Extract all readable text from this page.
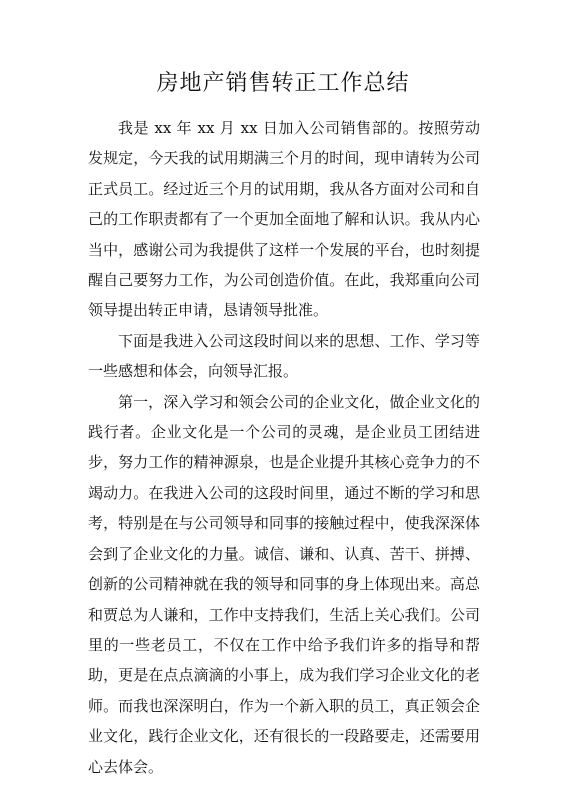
房地产销售转正工作总结

我是 xx 年 xx 月 xx 日加入公司销售部的。按照劳动发规定，今天我的试用期满三个月的时间，现申请转为公司正式员工。经过近三个月的试用期，我从各方面对公司和自己的工作职责都有了一个更加全面地了解和认识。我从内心当中，感谢公司为我提供了这样一个发展的平台，也时刻提醒自己要努力工作，为公司创造价值。在此，我郑重向公司领导提出转正申请，恳请领导批准。

下面是我进入公司这段时间以来的思想、工作、学习等一些感想和体会，向领导汇报。

第一，深入学习和领会公司的企业文化，做企业文化的践行者。企业文化是一个公司的灵魂，是企业员工团结进步，努力工作的精神源泉，也是企业提升其核心竞争力的不竭动力。在我进入公司的这段时间里，通过不断的学习和思考，特别是在与公司领导和同事的接触过程中，使我深深体会到了企业文化的力量。诚信、谦和、认真、苦干、拼搏、创新的公司精神就在我的领导和同事的身上体现出来。高总和贾总为人谦和，工作中支持我们，生活上关心我们。公司里的一些老员工，不仅在工作中给予我们许多的指导和帮助，更是在点点滴滴的小事上，成为我们学习企业文化的老师。而我也深深明白，作为一个新入职的员工，真正领会企业文化，践行企业文化，还有很长的一段路要走，还需要用心去体会。
